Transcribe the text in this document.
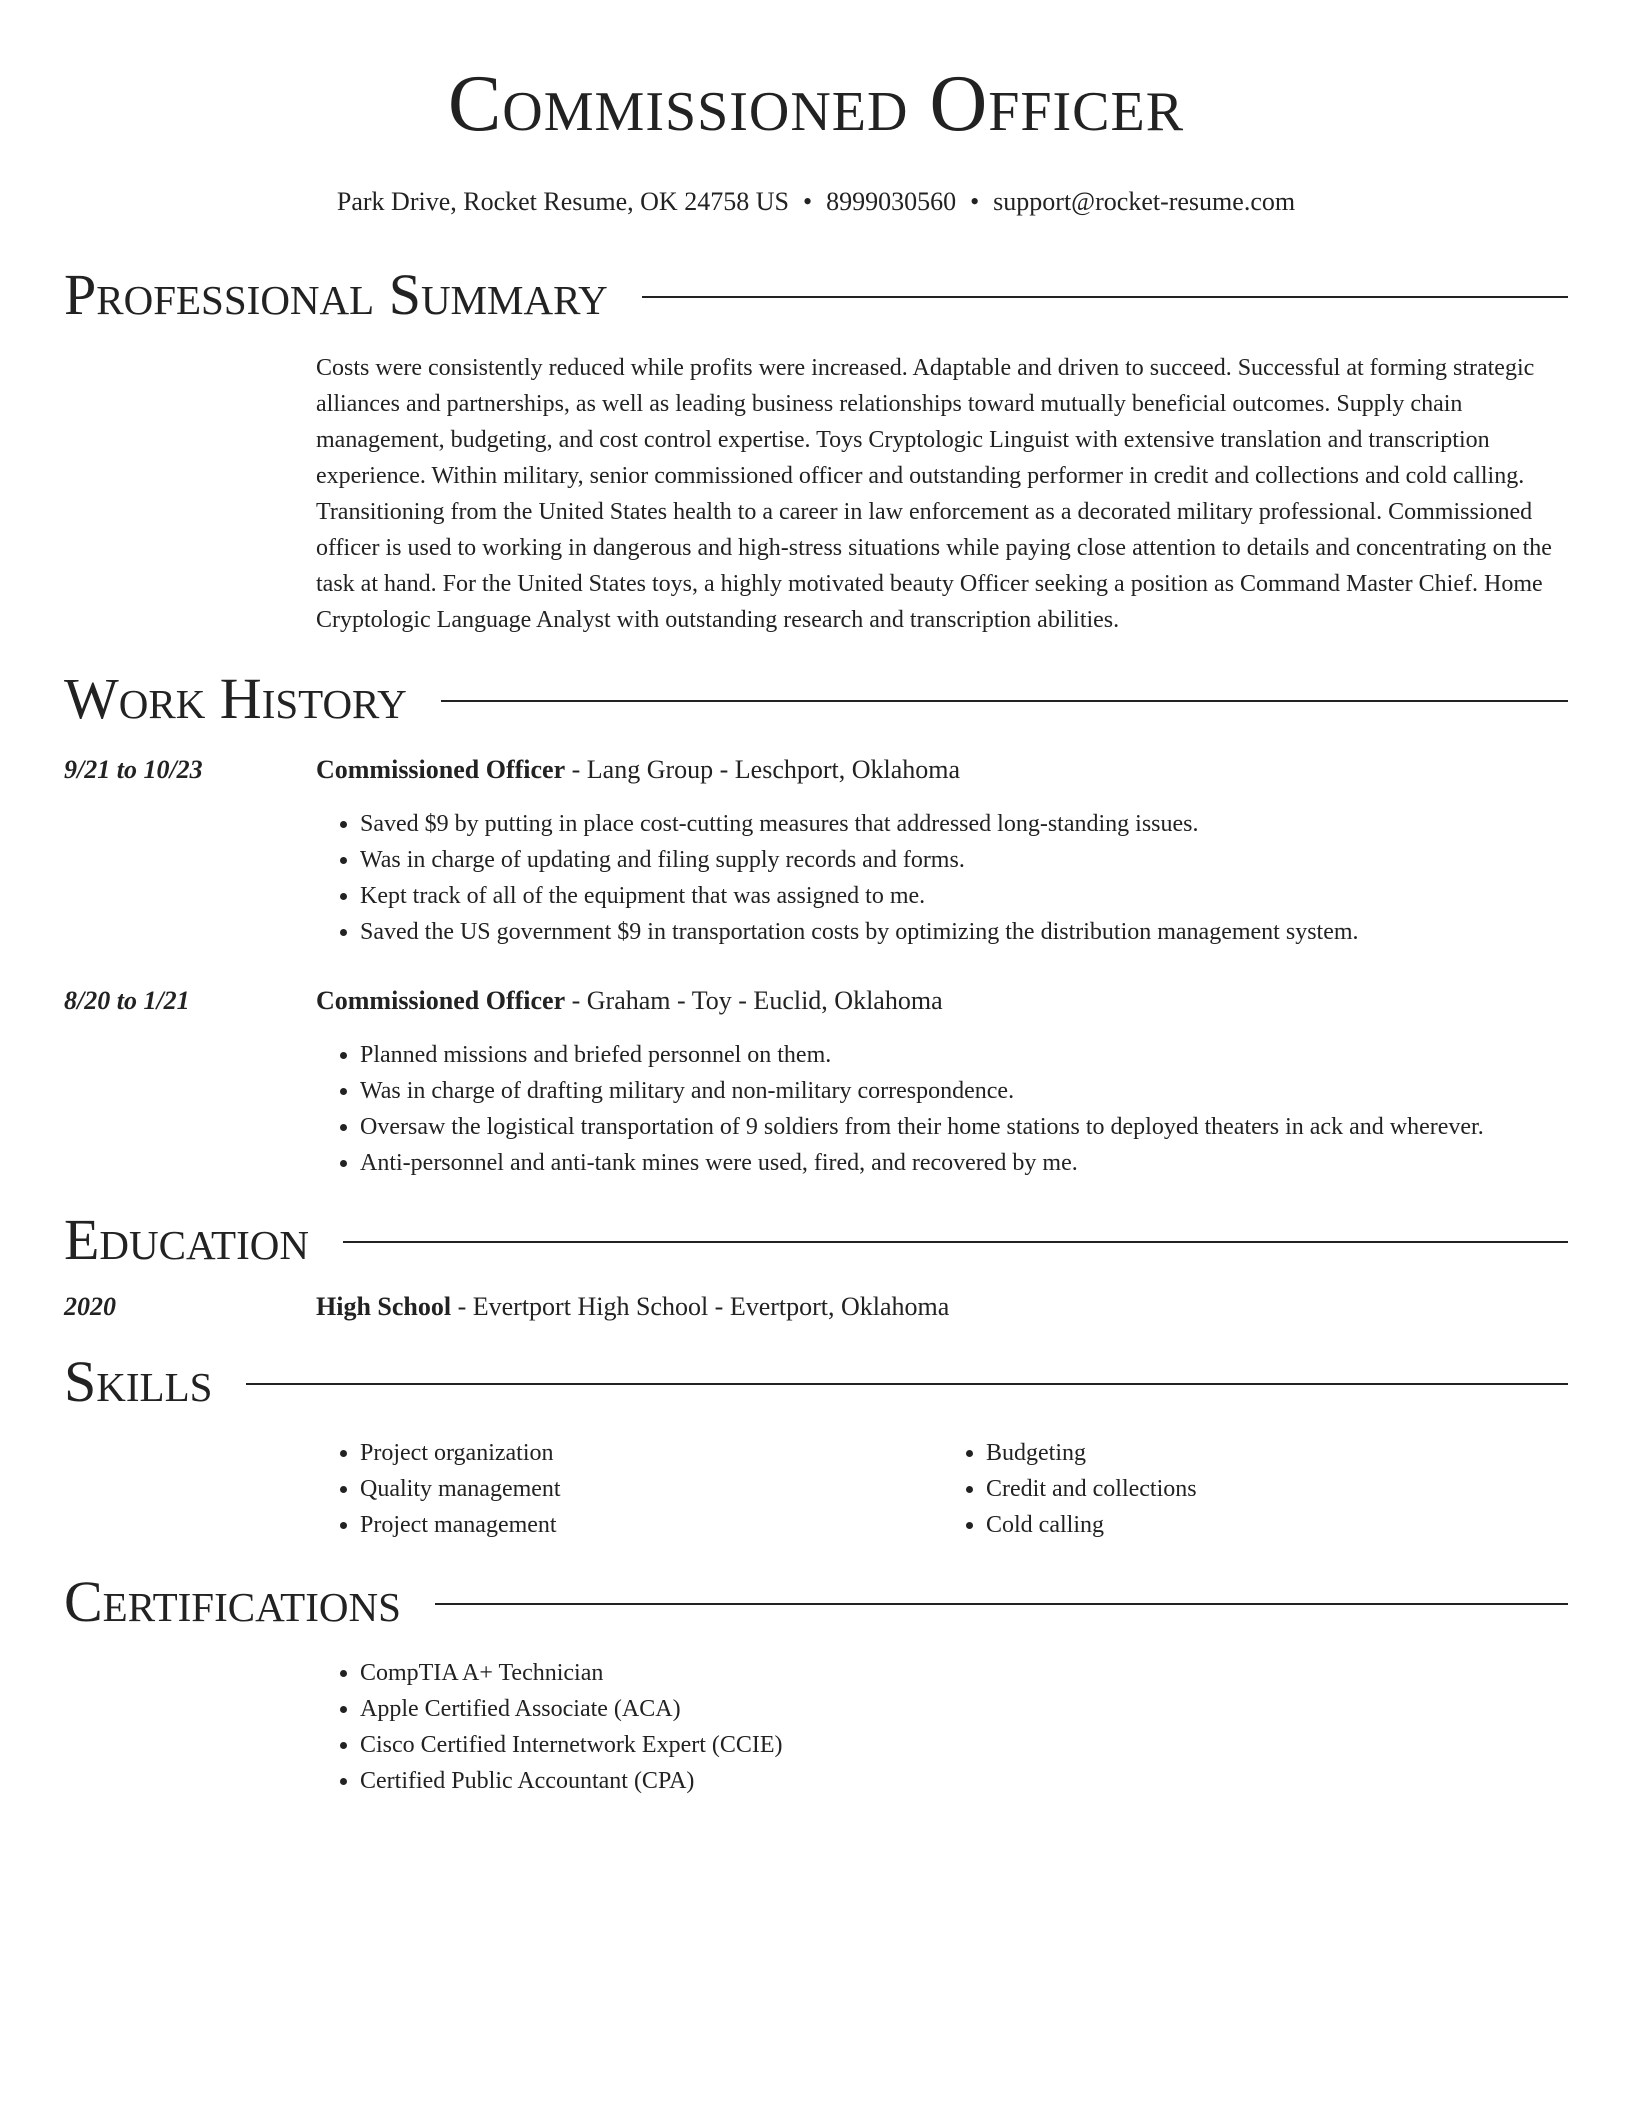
Commissioned Officer
Park Drive, Rocket Resume, OK 24758 US • 8999030560 • support@rocket-resume.com
Professional Summary

Costs were consistently reduced while profits were increased. Adaptable and driven to succeed. Successful at forming strategic alliances and partnerships, as well as leading business relationships toward mutually beneficial outcomes. Supply chain management, budgeting, and cost control expertise. Toys Cryptologic Linguist with extensive translation and transcription experience. Within military, senior commissioned officer and outstanding performer in credit and collections and cold calling. Transitioning from the United States health to a career in law enforcement as a decorated military professional. Commissioned officer is used to working in dangerous and high-stress situations while paying close attention to details and concentrating on the task at hand. For the United States toys, a highly motivated beauty Officer seeking a position as Command Master Chief. Home Cryptologic Language Analyst with outstanding research and transcription abilities.

Work History
9/21 to 10/23	Commissioned Officer - Lang Group - Leschport, Oklahoma
• Saved $9 by putting in place cost-cutting measures that addressed long-standing issues.
• Was in charge of updating and filing supply records and forms.
• Kept track of all of the equipment that was assigned to me.
• Saved the US government $9 in transportation costs by optimizing the distribution management system.
8/20 to 1/21	Commissioned Officer - Graham - Toy - Euclid, Oklahoma
• Planned missions and briefed personnel on them.
• Was in charge of drafting military and non-military correspondence.
• Oversaw the logistical transportation of 9 soldiers from their home stations to deployed theaters in ack and wherever.
• Anti-personnel and anti-tank mines were used, fired, and recovered by me.
Education
2020	High School - Evertport High School - Evertport, Oklahoma
Skills
• Project organization
• Quality management
• Project management
• Budgeting
• Credit and collections
• Cold calling
Certifications
• CompTIA A+ Technician
• Apple Certified Associate (ACA)
• Cisco Certified Internetwork Expert (CCIE)
• Certified Public Accountant (CPA)
